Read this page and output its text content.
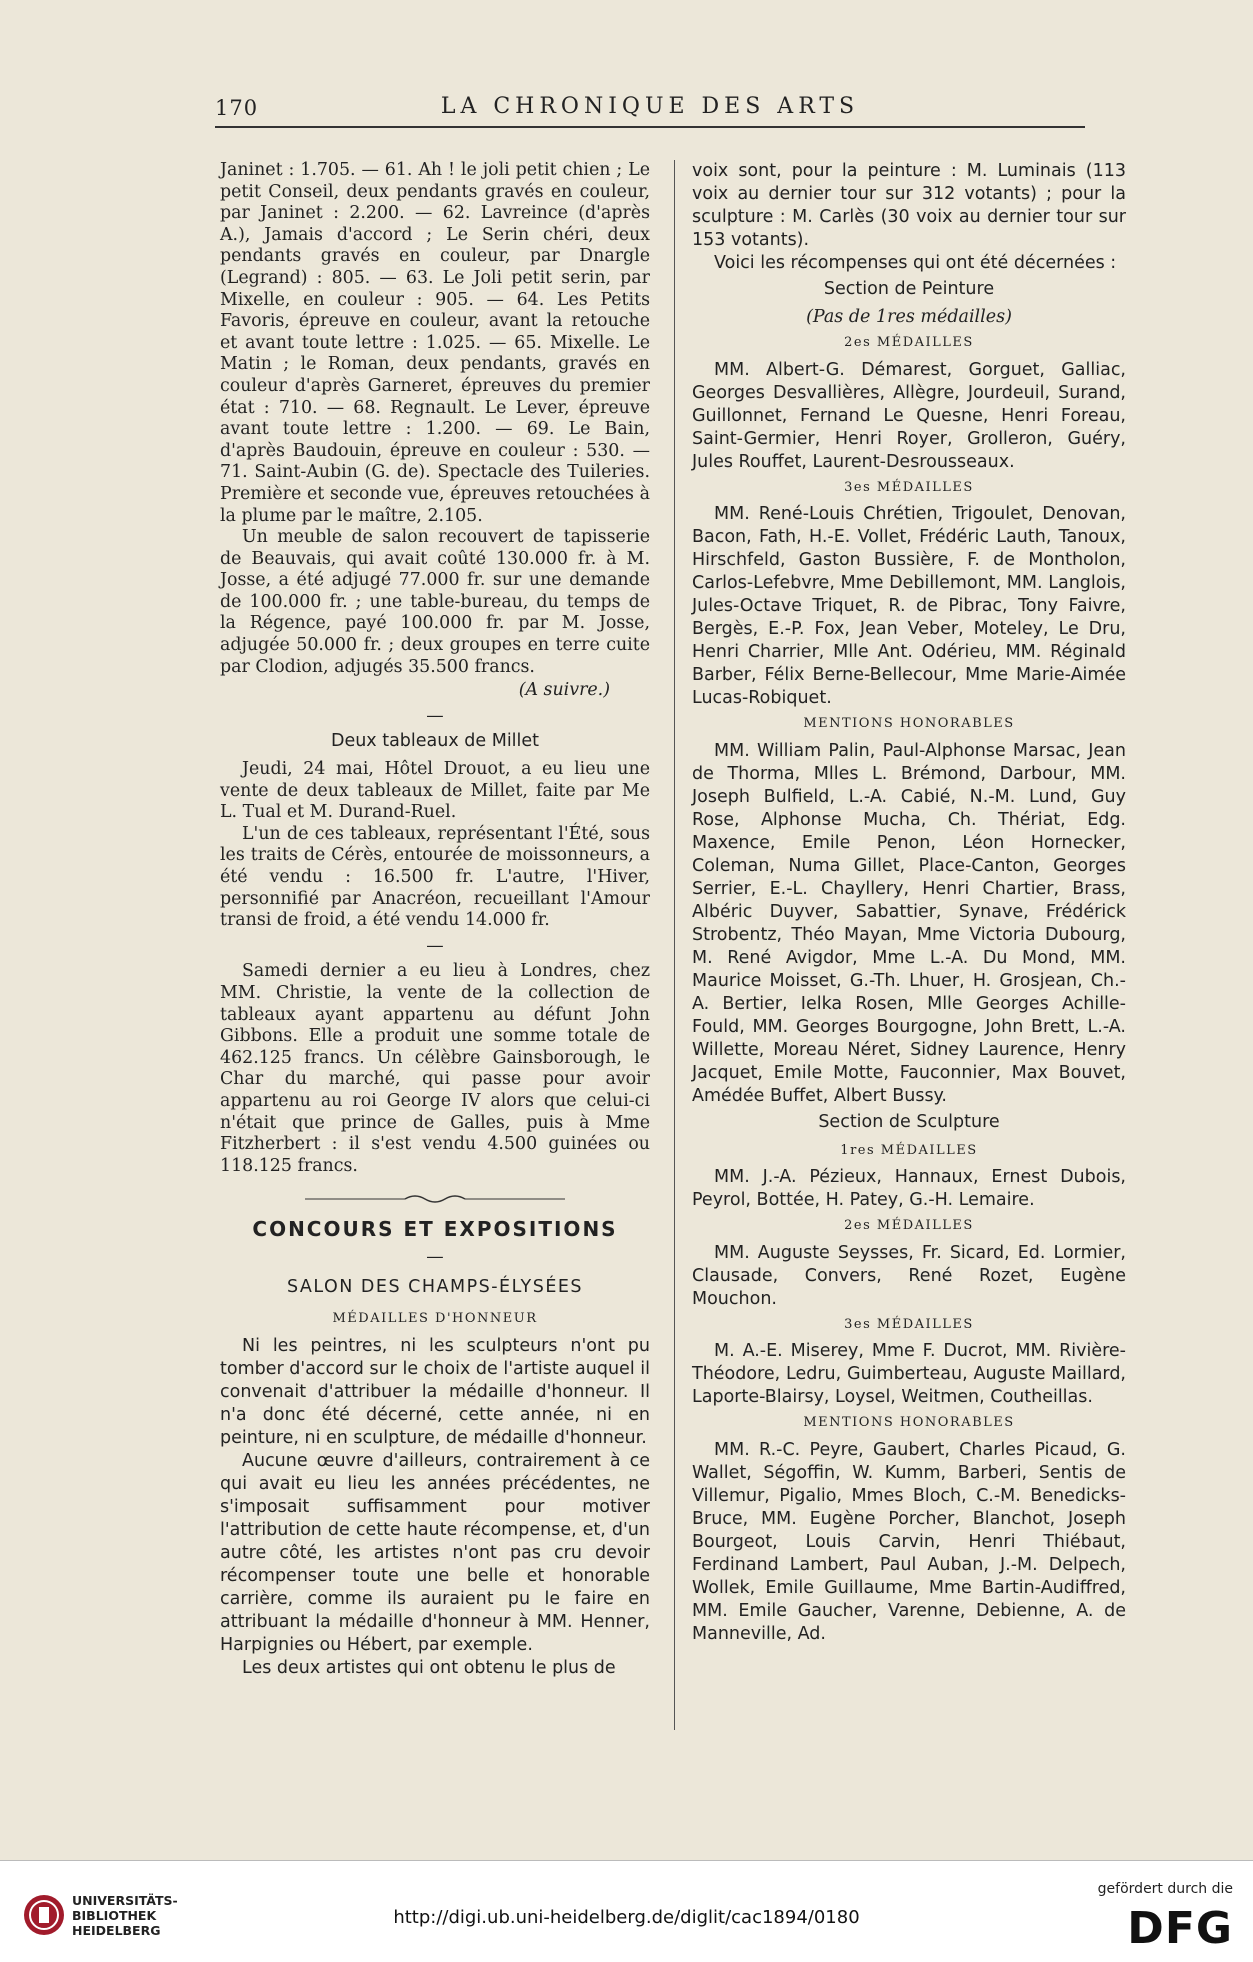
170	LA CHRONIQUE DES ARTS

Janinet : 1.705. — 61. Ah ! le joli petit chien ; Le petit Conseil, deux pendants gravés en couleur, par Janinet : 2.200. — 62. Lavreince (d'après A.), Jamais d'accord ; Le Serin chéri, deux pendants gravés en couleur, par Dnargle (Legrand) : 805. — 63. Le Joli petit serin, par Mixelle, en couleur : 905. — 64. Les Petits Favoris, épreuve en couleur, avant la retouche et avant toute lettre : 1.025. — 65. Mixelle. Le Matin ; le Roman, deux pendants, gravés en couleur d'après Garneret, épreuves du premier état : 710. — 68. Regnault. Le Lever, épreuve avant toute lettre : 1.200. — 69. Le Bain, d'après Baudouin, épreuve en couleur : 530. — 71. Saint-Aubin (G. de). Spectacle des Tuileries. Première et seconde vue, épreuves retouchées à la plume par le maître, 2.105.

Un meuble de salon recouvert de tapisserie de Beauvais, qui avait coûté 130.000 fr. à M. Josse, a été adjugé 77.000 fr. sur une demande de 100.000 fr. ; une table-bureau, du temps de la Régence, payé 100.000 fr. par M. Josse, adjugée 50.000 fr. ; deux groupes en terre cuite par Clodion, adjugés 35.500 francs.

(A suivre.)

—
Deux tableaux de Millet

Jeudi, 24 mai, Hôtel Drouot, a eu lieu une vente de deux tableaux de Millet, faite par Me L. Tual et M. Durand-Ruel.

L'un de ces tableaux, représentant l'Été, sous les traits de Cérès, entourée de moissonneurs, a été vendu : 16.500 fr. L'autre, l'Hiver, personnifié par Anacréon, recueillant l'Amour transi de froid, a été vendu 14.000 fr.

—

Samedi dernier a eu lieu à Londres, chez MM. Christie, la vente de la collection de tableaux ayant appartenu au défunt John Gibbons. Elle a produit une somme totale de 462.125 francs. Un célèbre Gainsborough, le Char du marché, qui passe pour avoir appartenu au roi George IV alors que celui-ci n'était que prince de Galles, puis à Mme Fitzherbert : il s'est vendu 4.500 guinées ou 118.125 francs.

CONCOURS ET EXPOSITIONS
—
SALON DES CHAMPS-ÉLYSÉES
MÉDAILLES D'HONNEUR

Ni les peintres, ni les sculpteurs n'ont pu tomber d'accord sur le choix de l'artiste auquel il convenait d'attribuer la médaille d'honneur. Il n'a donc été décerné, cette année, ni en peinture, ni en sculpture, de médaille d'honneur.

Aucune œuvre d'ailleurs, contrairement à ce qui avait eu lieu les années précédentes, ne s'imposait suffisamment pour motiver l'attribution de cette haute récompense, et, d'un autre côté, les artistes n'ont pas cru devoir récompenser toute une belle et honorable carrière, comme ils auraient pu le faire en attribuant la médaille d'honneur à MM. Henner, Harpignies ou Hébert, par exemple.

Les deux artistes qui ont obtenu le plus de

voix sont, pour la peinture : M. Luminais (113 voix au dernier tour sur 312 votants) ; pour la sculpture : M. Carlès (30 voix au dernier tour sur 153 votants).

Voici les récompenses qui ont été décernées :

Section de Peinture
(Pas de 1res médailles)
2es MÉDAILLES

MM. Albert-G. Démarest, Gorguet, Galliac, Georges Desvallières, Allègre, Jourdeuil, Surand, Guillonnet, Fernand Le Quesne, Henri Foreau, Saint-Germier, Henri Royer, Grolleron, Guéry, Jules Rouffet, Laurent-Desrousseaux.

3es MÉDAILLES

MM. René-Louis Chrétien, Trigoulet, Denovan, Bacon, Fath, H.-E. Vollet, Frédéric Lauth, Tanoux, Hirschfeld, Gaston Bussière, F. de Montholon, Carlos-Lefebvre, Mme Debillemont, MM. Langlois, Jules-Octave Triquet, R. de Pibrac, Tony Faivre, Bergès, E.-P. Fox, Jean Veber, Moteley, Le Dru, Henri Charrier, Mlle Ant. Odérieu, MM. Réginald Barber, Félix Berne-Bellecour, Mme Marie-Aimée Lucas-Robiquet.

MENTIONS HONORABLES

MM. William Palin, Paul-Alphonse Marsac, Jean de Thorma, Mlles L. Brémond, Darbour, MM. Joseph Bulfield, L.-A. Cabié, N.-M. Lund, Guy Rose, Alphonse Mucha, Ch. Thériat, Edg. Maxence, Emile Penon, Léon Hornecker, Coleman, Numa Gillet, Place-Canton, Georges Serrier, E.-L. Chayllery, Henri Chartier, Brass, Albéric Duyver, Sabattier, Synave, Frédérick Strobentz, Théo Mayan, Mme Victoria Dubourg, M. René Avigdor, Mme L.-A. Du Mond, MM. Maurice Moisset, G.-Th. Lhuer, H. Grosjean, Ch.-A. Bertier, Ielka Rosen, Mlle Georges Achille-Fould, MM. Georges Bourgogne, John Brett, L.-A. Willette, Moreau Néret, Sidney Laurence, Henry Jacquet, Emile Motte, Fauconnier, Max Bouvet, Amédée Buffet, Albert Bussy.

Section de Sculpture
1res MÉDAILLES

MM. J.-A. Pézieux, Hannaux, Ernest Dubois, Peyrol, Bottée, H. Patey, G.-H. Lemaire.

2es MÉDAILLES

MM. Auguste Seysses, Fr. Sicard, Ed. Lormier, Clausade, Convers, René Rozet, Eugène Mouchon.

3es MÉDAILLES

M. A.-E. Miserey, Mme F. Ducrot, MM. Rivière-Théodore, Ledru, Guimberteau, Auguste Maillard, Laporte-Blairsy, Loysel, Weitmen, Coutheillas.

MENTIONS HONORABLES

MM. R.-C. Peyre, Gaubert, Charles Picaud, G. Wallet, Ségoffin, W. Kumm, Barberi, Sentis de Villemur, Pigalio, Mmes Bloch, C.-M. Benedicks-Bruce, MM. Eugène Porcher, Blanchot, Joseph Bourgeot, Louis Carvin, Henri Thiébaut, Ferdinand Lambert, Paul Auban, J.-M. Delpech, Wollek, Emile Guillaume, Mme Bartin-Audiffred, MM. Emile Gaucher, Varenne, Debienne, A. de Manneville, Ad.

UNIVERSITÄTS-
BIBLIOTHEK
HEIDELBERG
http://digi.ub.uni-heidelberg.de/diglit/cac1894/0180
gefördert durch die
DFG
